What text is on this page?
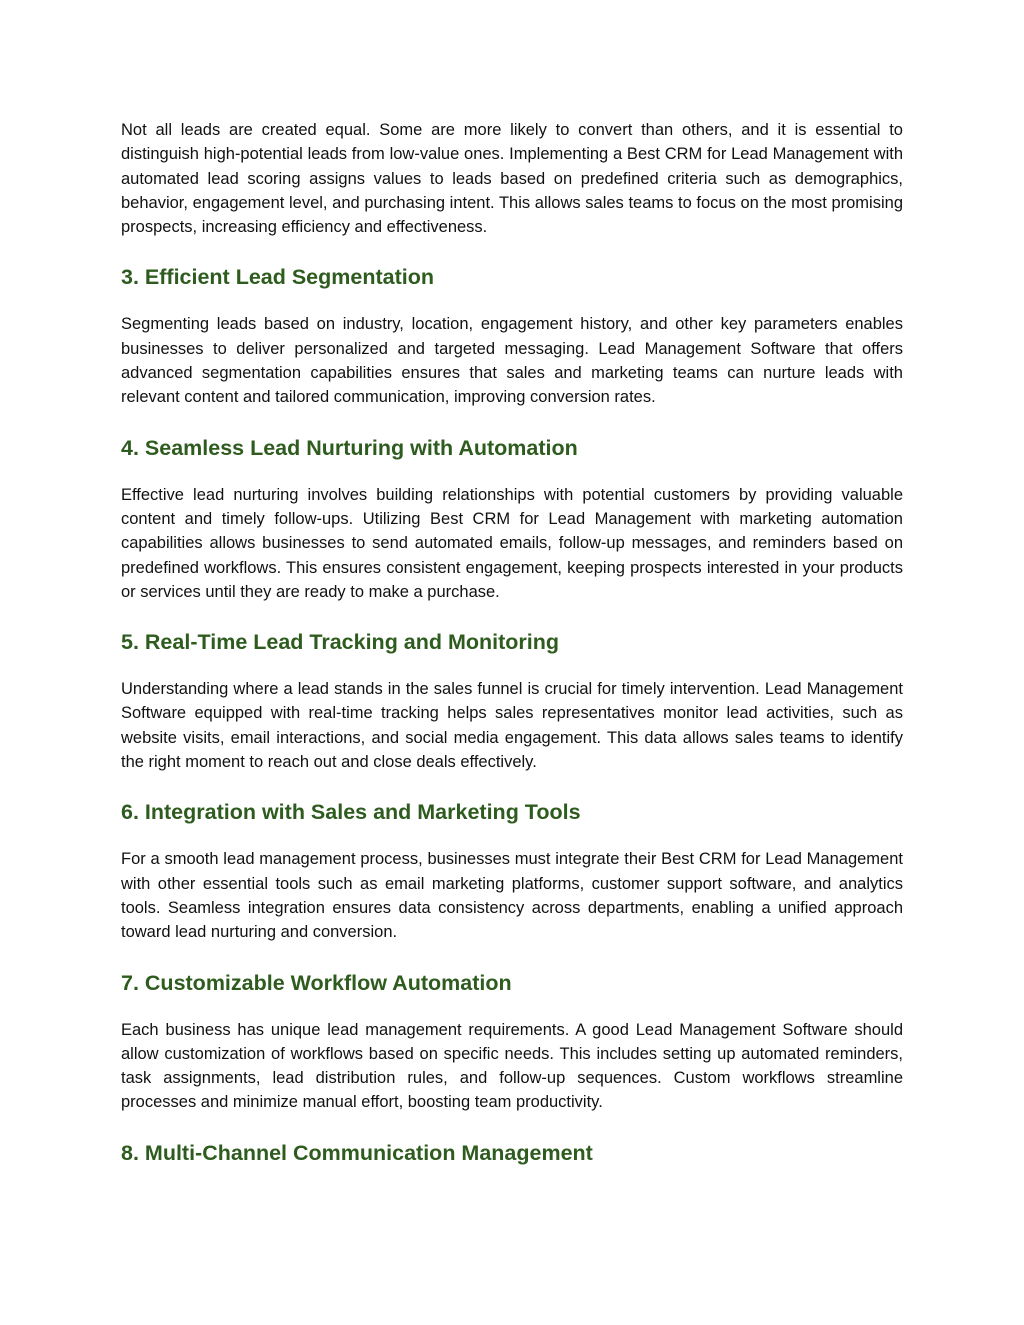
Not all leads are created equal. Some are more likely to convert than others, and it is essential to distinguish high-potential leads from low-value ones. Implementing a Best CRM for Lead Management with automated lead scoring assigns values to leads based on predefined criteria such as demographics, behavior, engagement level, and purchasing intent. This allows sales teams to focus on the most promising prospects, increasing efficiency and effectiveness.

3. Efficient Lead Segmentation

Segmenting leads based on industry, location, engagement history, and other key parameters enables businesses to deliver personalized and targeted messaging. Lead Management Software that offers advanced segmentation capabilities ensures that sales and marketing teams can nurture leads with relevant content and tailored communication, improving conversion rates.

4. Seamless Lead Nurturing with Automation

Effective lead nurturing involves building relationships with potential customers by providing valuable content and timely follow-ups. Utilizing Best CRM for Lead Management with marketing automation capabilities allows businesses to send automated emails, follow-up messages, and reminders based on predefined workflows. This ensures consistent engagement, keeping prospects interested in your products or services until they are ready to make a purchase.

5. Real-Time Lead Tracking and Monitoring

Understanding where a lead stands in the sales funnel is crucial for timely intervention. Lead Management Software equipped with real-time tracking helps sales representatives monitor lead activities, such as website visits, email interactions, and social media engagement. This data allows sales teams to identify the right moment to reach out and close deals effectively.

6. Integration with Sales and Marketing Tools

For a smooth lead management process, businesses must integrate their Best CRM for Lead Management with other essential tools such as email marketing platforms, customer support software, and analytics tools. Seamless integration ensures data consistency across departments, enabling a unified approach toward lead nurturing and conversion.

7. Customizable Workflow Automation

Each business has unique lead management requirements. A good Lead Management Software should allow customization of workflows based on specific needs. This includes setting up automated reminders, task assignments, lead distribution rules, and follow-up sequences. Custom workflows streamline processes and minimize manual effort, boosting team productivity.

8. Multi-Channel Communication Management
